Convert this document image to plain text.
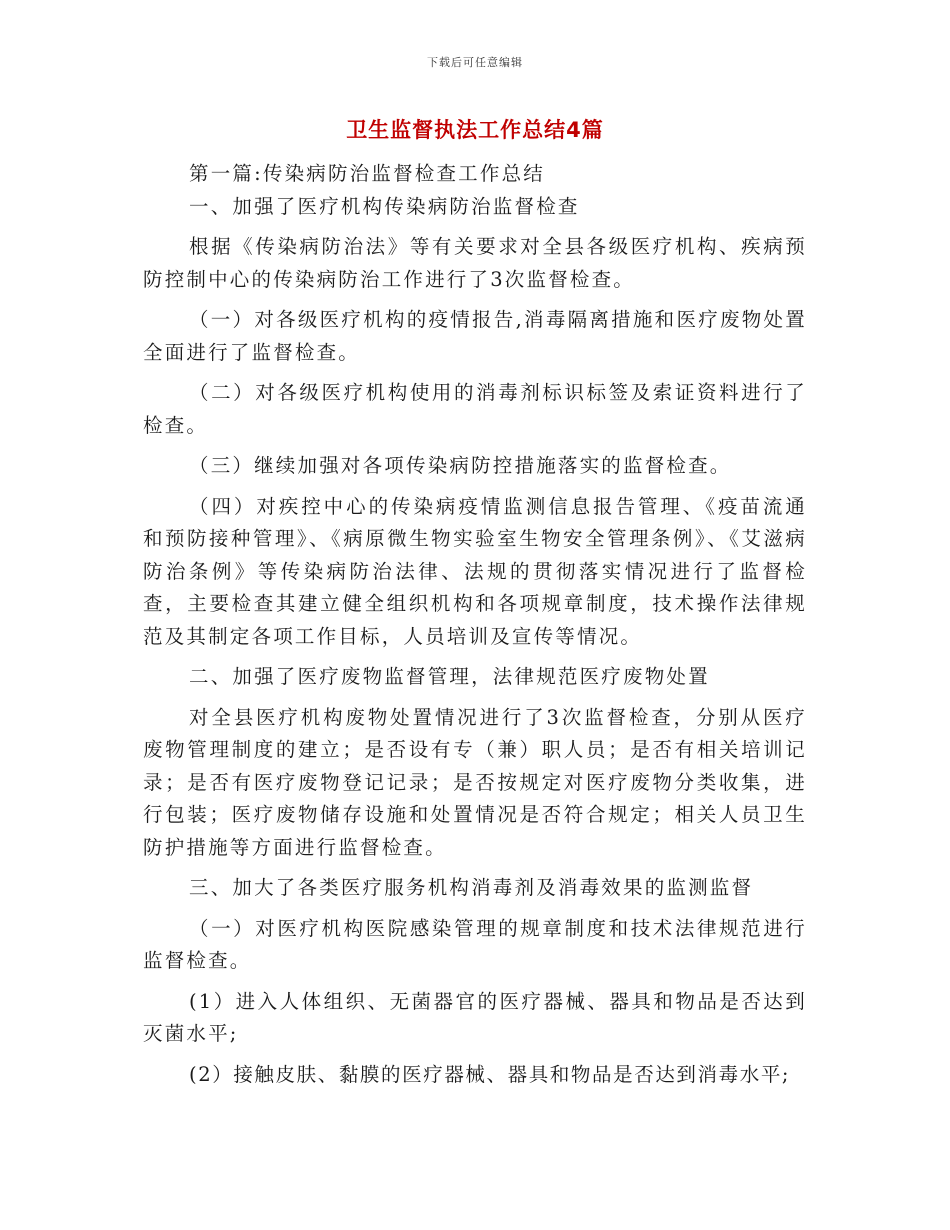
下载后可任意编辑
卫生监督执法工作总结4篇

第一篇:传染病防治监督检查工作总结

一、加强了医疗机构传染病防治监督检查

根据《传染病防治法》等有关要求对全县各级医疗机构、疾病预防控制中心的传染病防治工作进行了3次监督检查。

（一）对各级医疗机构的疫情报告,消毒隔离措施和医疗废物处置全面进行了监督检查。

（二）对各级医疗机构使用的消毒剂标识标签及索证资料进行了检查。

（三）继续加强对各项传染病防控措施落实的监督检查。

（四）对疾控中心的传染病疫情监测信息报告管理、《疫苗流通和预防接种管理》、《病原微生物实验室生物安全管理条例》、《艾滋病防治条例》等传染病防治法律、法规的贯彻落实情况进行了监督检查，主要检查其建立健全组织机构和各项规章制度，技术操作法律规范及其制定各项工作目标，人员培训及宣传等情况。

二、加强了医疗废物监督管理，法律规范医疗废物处置

对全县医疗机构废物处置情况进行了3次监督检查，分别从医疗废物管理制度的建立；是否设有专（兼）职人员；是否有相关培训记录；是否有医疗废物登记记录；是否按规定对医疗废物分类收集，进行包装；医疗废物储存设施和处置情况是否符合规定；相关人员卫生防护措施等方面进行监督检查。

三、加大了各类医疗服务机构消毒剂及消毒效果的监测监督

（一）对医疗机构医院感染管理的规章制度和技术法律规范进行监督检查。

(1）进入人体组织、无菌器官的医疗器械、器具和物品是否达到灭菌水平;

(2）接触皮肤、黏膜的医疗器械、器具和物品是否达到消毒水平;
